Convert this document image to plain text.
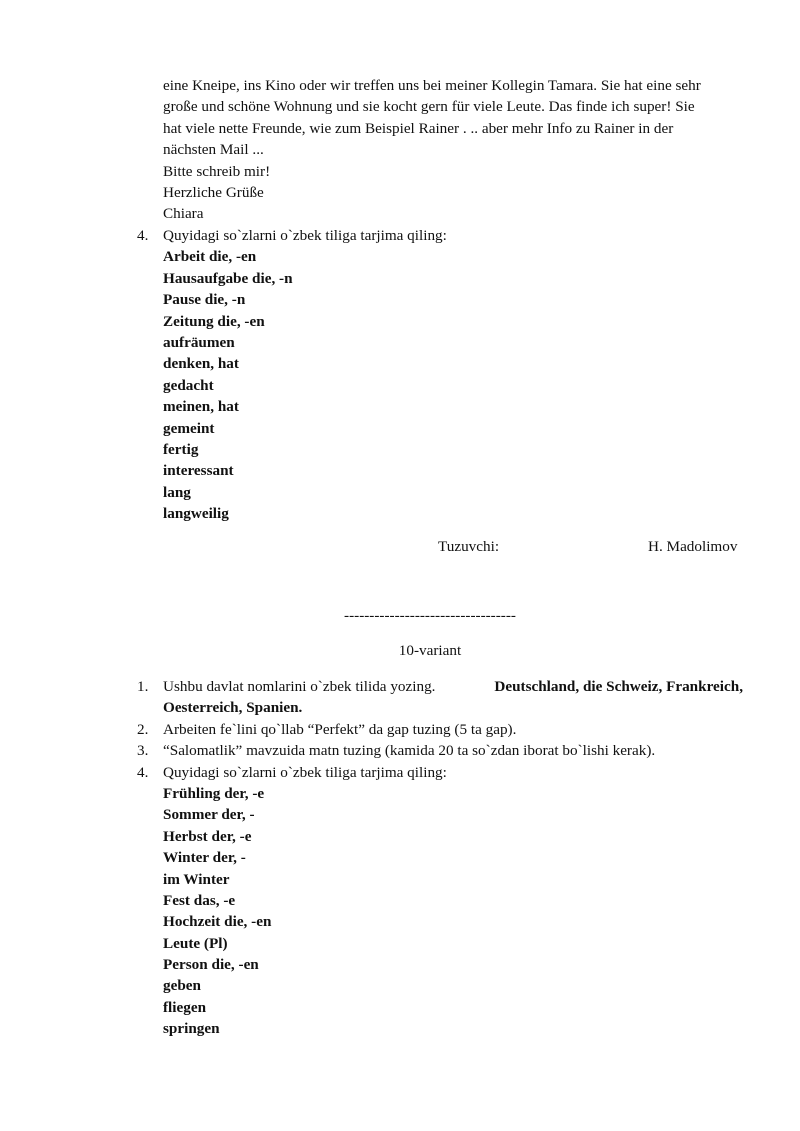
eine Kneipe, ins Kino oder wir treffen uns bei meiner Kollegin Tamara. Sie hat eine sehr
große und schöne Wohnung und sie kocht gern für viele Leute. Das finde ich super! Sie
hat viele nette Freunde, wie zum Beispiel Rainer . .. aber mehr Info zu Rainer in der
nächsten Mail ...
Bitte schreib mir!
Herzliche Grüße
Chiara
4. Quyidagi so`zlarni o`zbek tiliga tarjima qiling:
Arbeit die, -en
Hausaufgabe die, -n
Pause die, -n
Zeitung die, -en
aufräumen
denken, hat
gedacht
meinen, hat
gemeint
fertig
interessant
lang
langweilig
Tuzuvchi:	H. Madolimov
----------------------------------
10-variant
1. Ushbu davlat nomlarini o`zbek tilida yozing.	Deutschland, die Schweiz, Frankreich,
Oesterreich, Spanien.
2. Arbeiten fe`lini qo`llab “Perfekt” da gap tuzing (5 ta gap).
3. “Salomatlik” mavzuida matn tuzing (kamida 20 ta so`zdan iborat bo`lishi kerak).
4. Quyidagi so`zlarni o`zbek tiliga tarjima qiling:
Frühling der, -e
Sommer der, -
Herbst der, -e
Winter der, -
im Winter
Fest das, -e
Hochzeit die, -en
Leute (Pl)
Person die, -en
geben
fliegen
springen
